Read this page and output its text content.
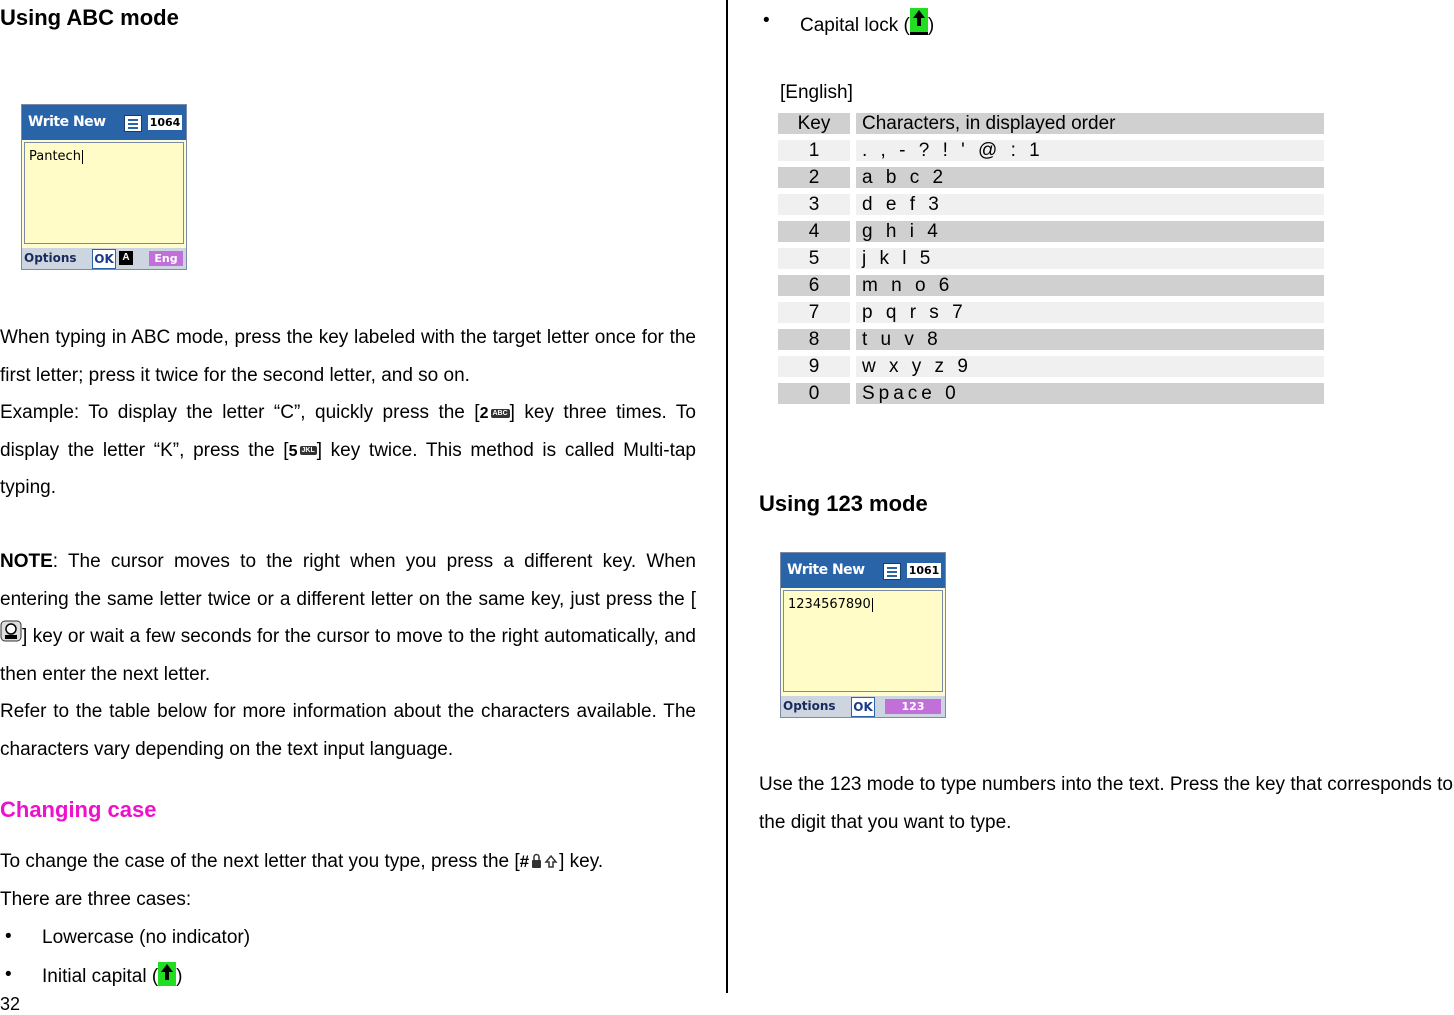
Using ABC mode
Write New	1064
Pantech
Options OK A	Eng

When typing in ABC mode, press the key labeled with the target letter once for the first letter; press it twice for the second letter, and so on.

Example: To display the letter “C”, quickly press the [2 ABC ] key three times. To display the letter “K”, press the [5 JKL ] key twice. This method is called Multi-tap typing.

NOTE: The cursor moves to the right when you press a different key. When entering the same letter twice or a different letter on the same key, just press the [] key or wait a few seconds for the cursor to move to the right automatically, and then enter the next letter.

Refer to the table below for more information about the characters available. The characters vary depending on the text input language.

Changing case

To change the case of the next letter that you type, press the [# ] key.

There are three cases:

• Lowercase (no indicator)
• Initial capital ( )
32
• Capital lock ( )
[English]
Key	Characters, in displayed order
1	. , - ? ! ' @ : 1
2	a b c 2
3	d e f 3
4	g h i 4
5	j k l 5
6	m n o 6
7	p q r s 7
8	t u v 8
9	w x y z 9
0	Space 0
Using 123 mode
Write New	1061
1234567890
Options OK	123

Use the 123 mode to type numbers into the text. Press the key that corresponds to the digit that you want to type.
